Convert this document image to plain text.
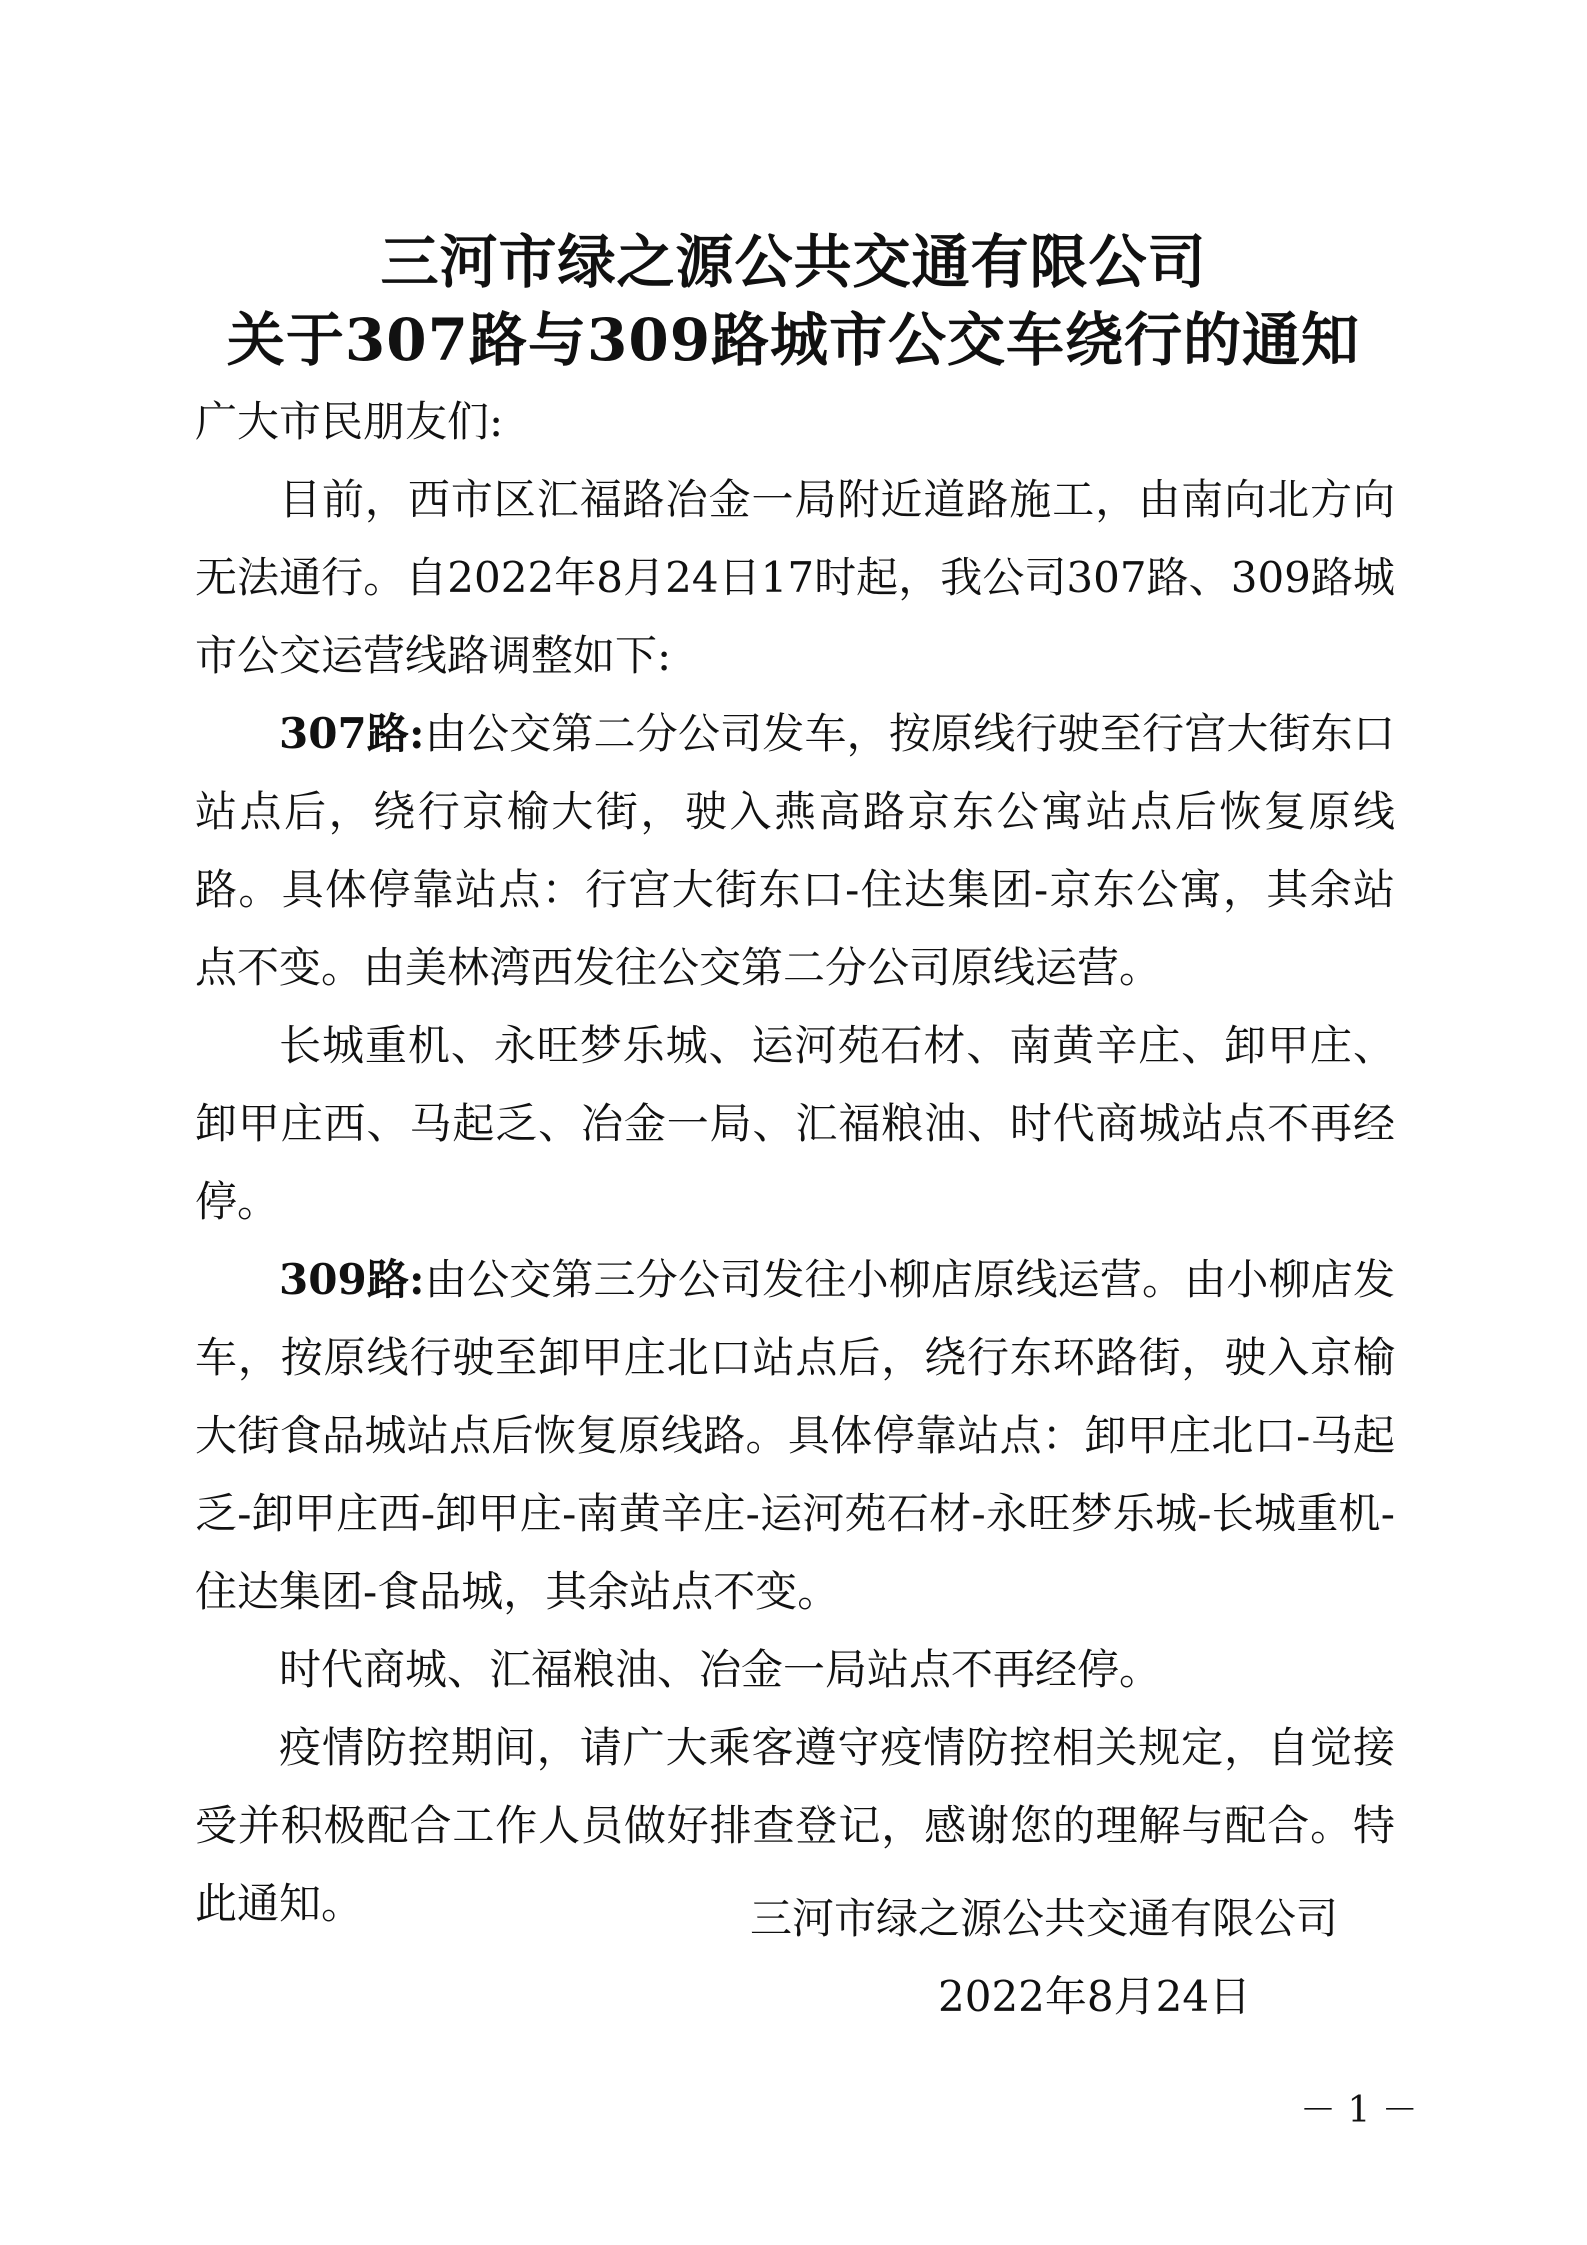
三河市绿之源公共交通有限公司
关于307路与309路城市公交车绕行的通知

广大市民朋友们:

目前，西市区汇福路冶金一局附近道路施工，由南向北方向无法通行。自2022年8月24日17时起，我公司307路、309路城市公交运营线路调整如下:

307路:由公交第二分公司发车，按原线行驶至行宫大街东口站点后，绕行京榆大街，驶入燕高路京东公寓站点后恢复原线路。具体停靠站点：行宫大街东口-住达集团-京东公寓，其余站点不变。由美林湾西发往公交第二分公司原线运营。

长城重机、永旺梦乐城、运河苑石材、南黄辛庄、卸甲庄、卸甲庄西、马起乏、冶金一局、汇福粮油、时代商城站点不再经停。

309路:由公交第三分公司发往小柳店原线运营。由小柳店发车，按原线行驶至卸甲庄北口站点后，绕行东环路街，驶入京榆大街食品城站点后恢复原线路。具体停靠站点：卸甲庄北口-马起乏-卸甲庄西-卸甲庄-南黄辛庄-运河苑石材-永旺梦乐城-长城重机-住达集团-食品城，其余站点不变。

时代商城、汇福粮油、冶金一局站点不再经停。

疫情防控期间，请广大乘客遵守疫情防控相关规定，自觉接受并积极配合工作人员做好排查登记，感谢您的理解与配合。特此通知。	三河市绿之源公共交通有限公司
2022年8月24日
－ 1 －
